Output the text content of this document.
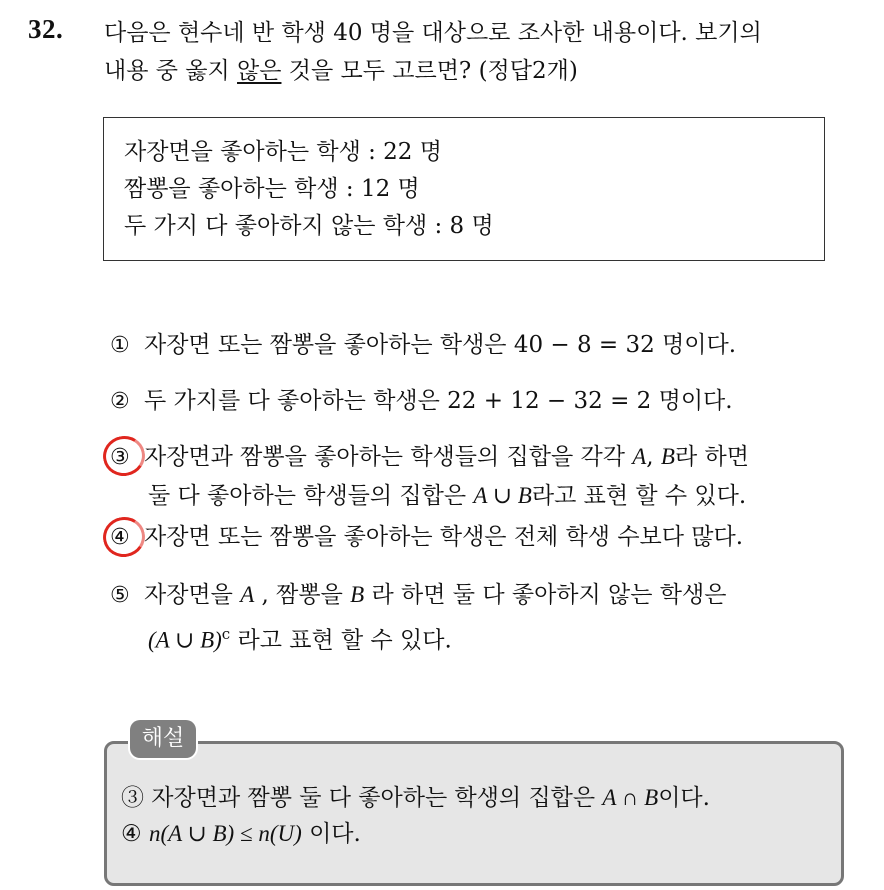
32. 다음은 현수네 반 학생 40 명을 대상으로 조사한 내용이다. 보기의
내용 중 옳지 않은 것을 모두 고르면? (정답2개)
자장면을 좋아하는 학생 : 22 명
짬뽕을 좋아하는 학생 : 12 명
두 가지 다 좋아하지 않는 학생 : 8 명
① 자장면 또는 짬뽕을 좋아하는 학생은 40 − 8 = 32 명이다.
② 두 가지를 다 좋아하는 학생은 22 + 12 − 32 = 2 명이다.
③ 자장면과 짬뽕을 좋아하는 학생들의 집합을 각각 A, B라 하면
둘 다 좋아하는 학생들의 집합은 A ∪ B라고 표현 할 수 있다.
④ 자장면 또는 짬뽕을 좋아하는 학생은 전체 학생 수보다 많다.
⑤ 자장면을 A , 짬뽕을 B 라 하면 둘 다 좋아하지 않는 학생은
(A ∪ B)$^c$ 라고 표현 할 수 있다.
③ 자장면과 짬뽕 둘 다 좋아하는 학생의 집합은 A ∩ B이다.
④ n(A ∪ B) ≤ n(U) 이다.
해설
